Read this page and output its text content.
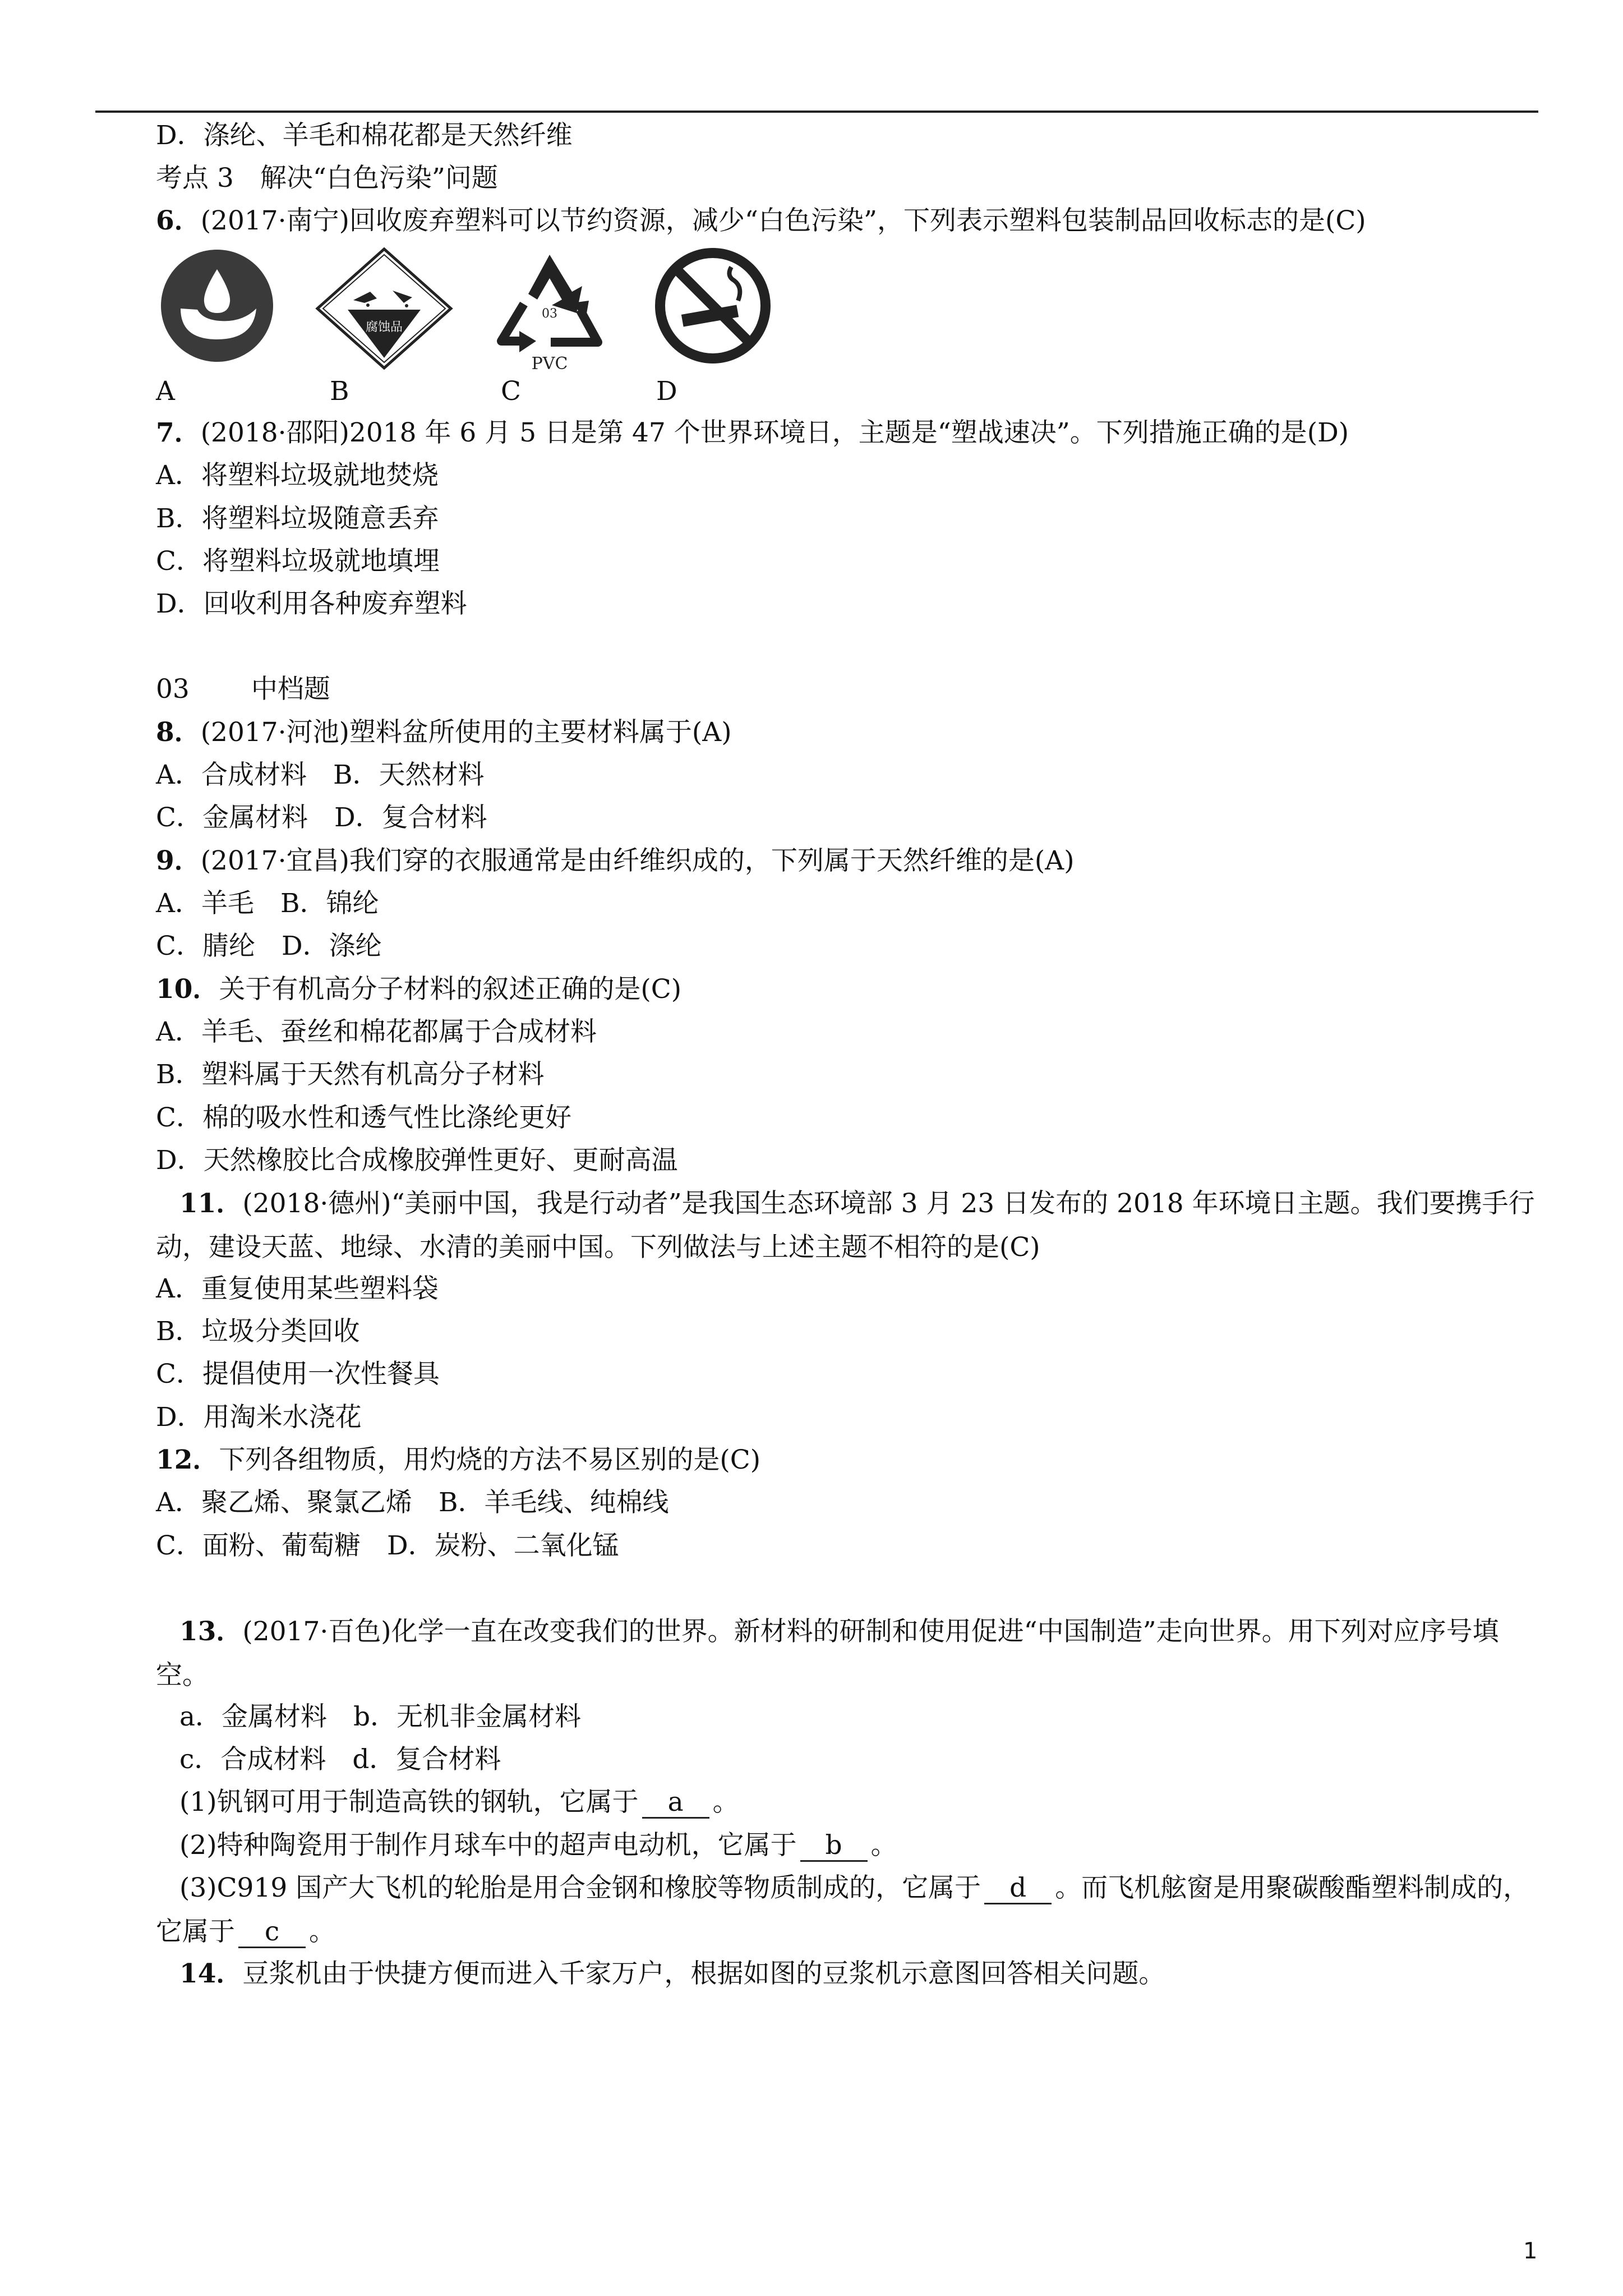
D．涤纶、羊毛和棉花都是天然纤维
考点 3　解决“白色污染”问题
6．(2017·南宁)回收废弃塑料可以节约资源，减少“白色污染”，下列表示塑料包装制品回收标志的是(C)
腐蚀品
03
PVC
A	B	C	D
7．(2018·邵阳)2018 年 6 月 5 日是第 47 个世界环境日，主题是“塑战速决”。下列措施正确的是(D)
A．将塑料垃圾就地焚烧
B．将塑料垃圾随意丢弃
C．将塑料垃圾就地填埋
D．回收利用各种废弃塑料
03 中档题
8．(2017·河池)塑料盆所使用的主要材料属于(A)
A．合成材料　B．天然材料
C．金属材料　D．复合材料
9．(2017·宜昌)我们穿的衣服通常是由纤维织成的，下列属于天然纤维的是(A)
A．羊毛　B．锦纶
C．腈纶　D．涤纶
10．关于有机高分子材料的叙述正确的是(C)
A．羊毛、蚕丝和棉花都属于合成材料
B．塑料属于天然有机高分子材料
C．棉的吸水性和透气性比涤纶更好
D．天然橡胶比合成橡胶弹性更好、更耐高温
11．(2018·德州)“美丽中国，我是行动者”是我国生态环境部 3 月 23 日发布的 2018 年环境日主题。我们要携手行动，建设天蓝、地绿、水清的美丽中国。下列做法与上述主题不相符的是(C)
A．重复使用某些塑料袋
B．垃圾分类回收
C．提倡使用一次性餐具
D．用淘米水浇花
12．下列各组物质，用灼烧的方法不易区别的是(C)
A．聚乙烯、聚氯乙烯　B．羊毛线、纯棉线
C．面粉、葡萄糖　D．炭粉、二氧化锰
13．(2017·百色)化学一直在改变我们的世界。新材料的研制和使用促进“中国制造”走向世界。用下列对应序号填空。
a．金属材料　b．无机非金属材料
c．合成材料　d．复合材料
(1)钒钢可用于制造高铁的钢轨，它属于 a 。
(2)特种陶瓷用于制作月球车中的超声电动机，它属于 b 。
(3)C919 国产大飞机的轮胎是用合金钢和橡胶等物质制成的，它属于 d 。而飞机舷窗是用聚碳酸酯塑料制成的，它属于 c 。
14．豆浆机由于快捷方便而进入千家万户，根据如图的豆浆机示意图回答相关问题。
1
